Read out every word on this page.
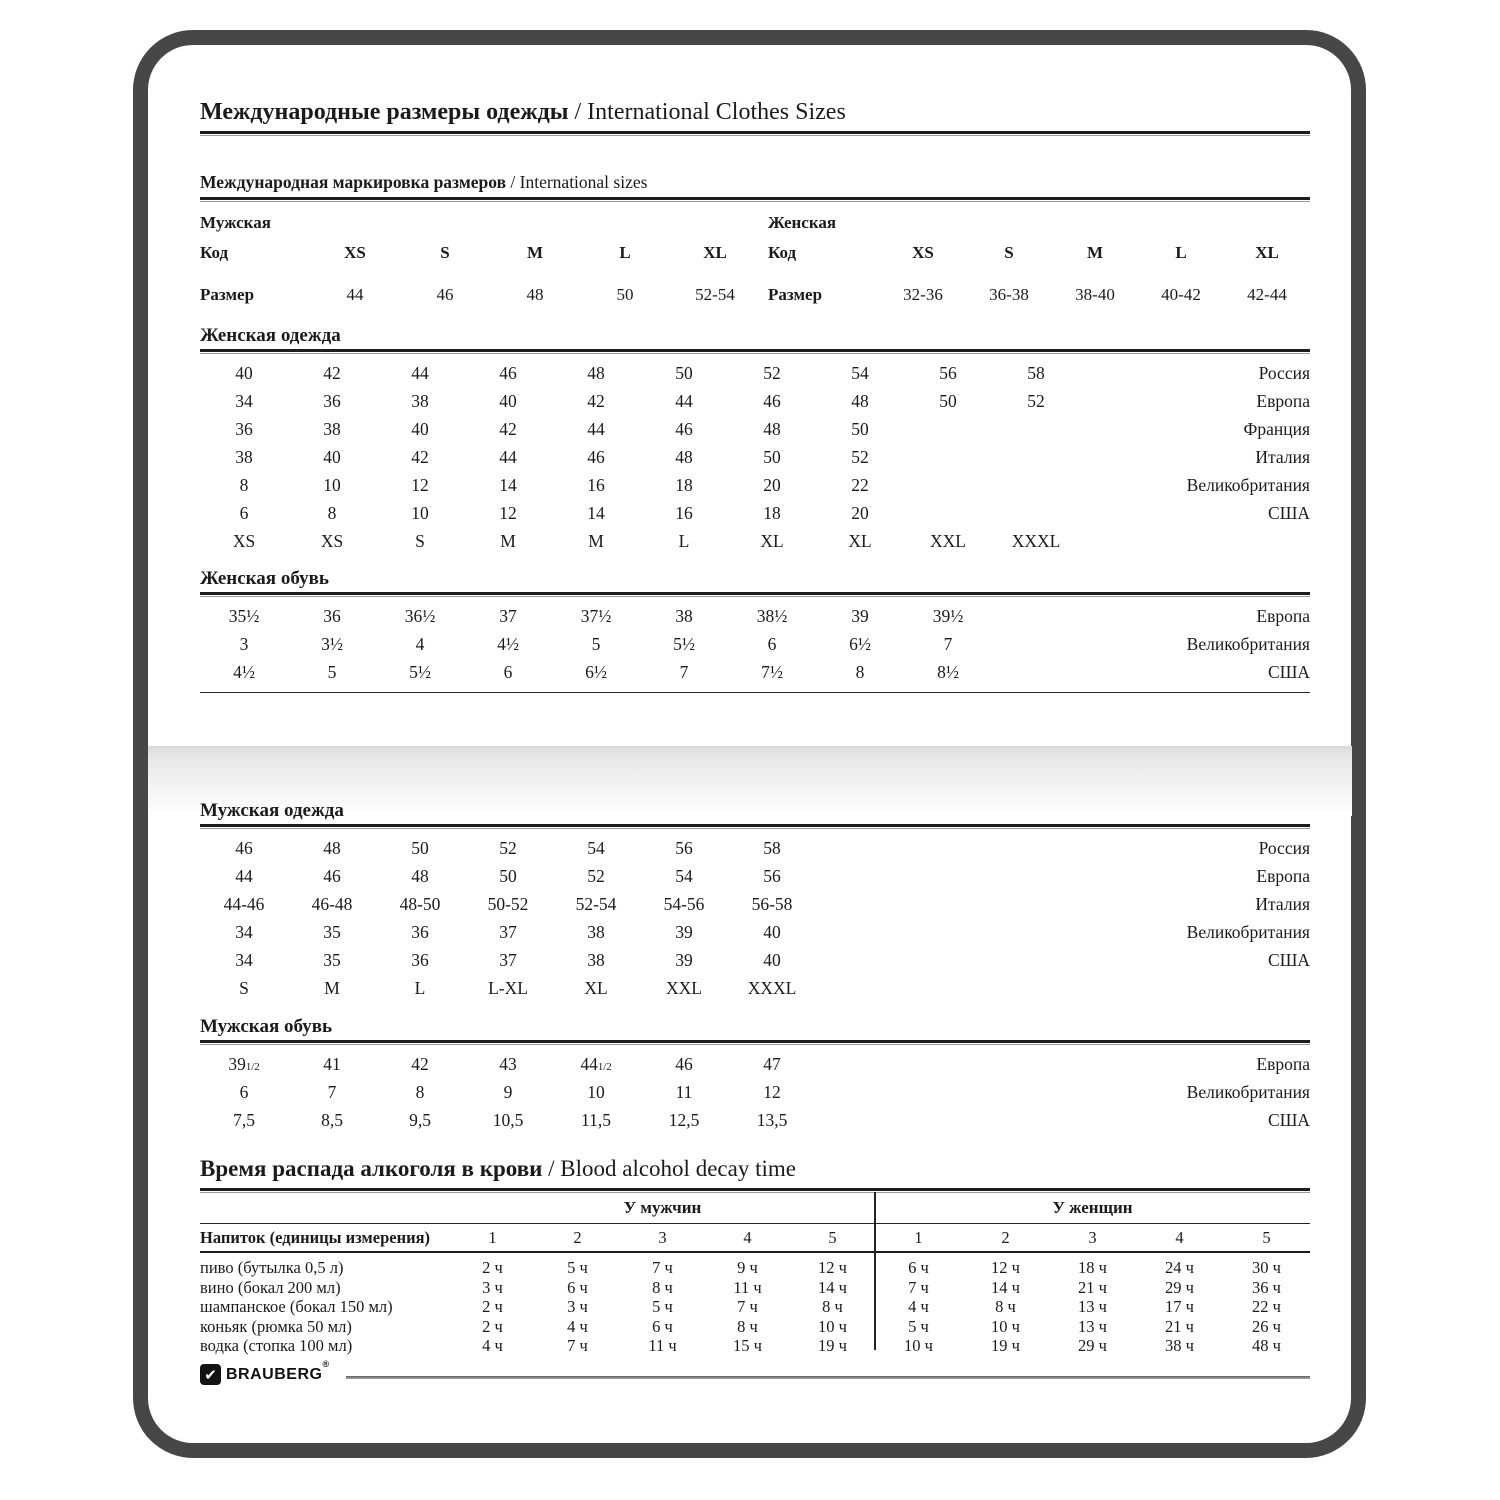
Международные размеры одежды / International Clothes Sizes
Международная маркировка размеров / International sizes
Мужская
Код	XS	S	M	L	XL
Размер	44	46	48	50	52-54
Женская
Код	XS	S	M	L	XL
Размер	32-36	36-38	38-40	40-42	42-44
Женская одежда
40	42	44	46	48	50	52	54	56	58	Россия
34	36	38	40	42	44	46	48	50	52	Европа
36	38	40	42	44	46	48	50	Франция
38	40	42	44	46	48	50	52	Италия
8	10	12	14	16	18	20	22	Великобритания
6	8	10	12	14	16	18	20	США
XS	XS	S	M	M	L	XL	XL	XXL	XXXL
Женская обувь
35½	36	36½	37	37½	38	38½	39	39½	Европа
3	3½	4	4½	5	5½	6	6½	7	Великобритания
4½	5	5½	6	6½	7	7½	8	8½	США
Мужская одежда
46	48	50	52	54	56	58	Россия
44	46	48	50	52	54	56	Европа
44-46	46-48	48-50	50-52	52-54	54-56	56-58	Италия
34	35	36	37	38	39	40	Великобритания
34	35	36	37	38	39	40	США
S	M	L	L-XL	XL	XXL	XXXL
Мужская обувь
391/2	41	42	43	441/2	46	47	Европа
6	7	8	9	10	11	12	Великобритания
7,5	8,5	9,5	10,5	11,5	12,5	13,5	США
Время распада алкоголя в крови / Blood alcohol decay time
У мужчин	У женщин
Напиток (единицы измерения)	1	2	3	4	5	1	2	3	4	5
пиво (бутылка 0,5 л)	2 ч	5 ч	7 ч	9 ч	12 ч	6 ч	12 ч	18 ч	24 ч	30 ч
вино (бокал 200 мл)	3 ч	6 ч	8 ч	11 ч	14 ч	7 ч	14 ч	21 ч	29 ч	36 ч
шампанское (бокал 150 мл)	2 ч	3 ч	5 ч	7 ч	8 ч	4 ч	8 ч	13 ч	17 ч	22 ч
коньяк (рюмка 50 мл)	2 ч	4 ч	6 ч	8 ч	10 ч	5 ч	10 ч	13 ч	21 ч	26 ч
водка (стопка 100 мл)	4 ч	7 ч	11 ч	15 ч	19 ч	10 ч	19 ч	29 ч	38 ч	48 ч
✔ BRAUBERG®
